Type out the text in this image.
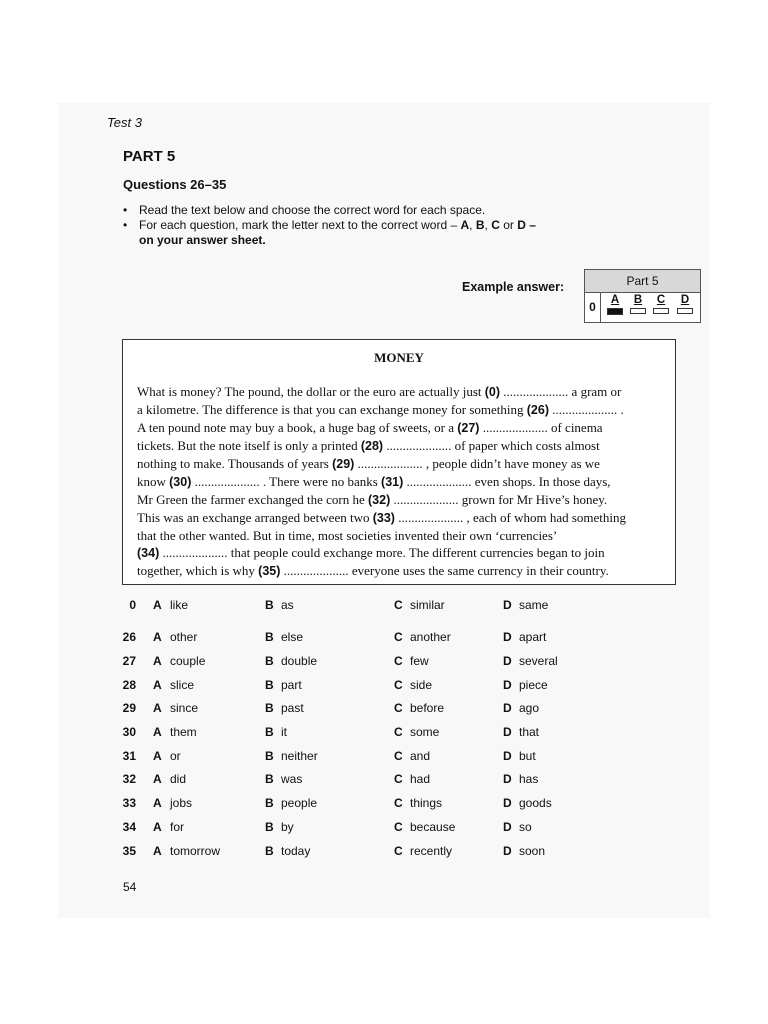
Test 3
PART 5
Questions 26–35
• Read the text below and choose the correct word for each space.
• For each question, mark the letter next to the correct word – A, B, C or D –
on your answer sheet.
Example answer:	Part 5
0	A	B	C	D
MONEY
What is money? The pound, the dollar or the euro are actually just (0) .................... a gram or
a kilometre. The difference is that you can exchange money for something (26) .................... .
A ten pound note may buy a book, a huge bag of sweets, or a (27) .................... of cinema
tickets. But the note itself is only a printed (28) .................... of paper which costs almost
nothing to make. Thousands of years (29) .................... , people didn’t have money as we
know (30) .................... . There were no banks (31) .................... even shops. In those days,
Mr Green the farmer exchanged the corn he (32) .................... grown for Mr Hive’s honey.
This was an exchange arranged between two (33) .................... , each of whom had something
that the other wanted. But in time, most societies invented their own ‘currencies’
(34) .................... that people could exchange more. The different currencies began to join
together, which is why (35) .................... everyone uses the same currency in their country.
0 A like	B as	C similar	D same
26 A other	B else	C another	D apart
27 A couple	B double	C few	D several
28 A slice	B part	C side	D piece
29 A since	B past	C before	D ago
30 A them	B it	C some	D that
31 A or	B neither	C and	D but
32 A did	B was	C had	D has
33 A jobs	B people	C things	D goods
34 A for	B by	C because	D so
35 A tomorrow	B today	C recently	D soon
54
